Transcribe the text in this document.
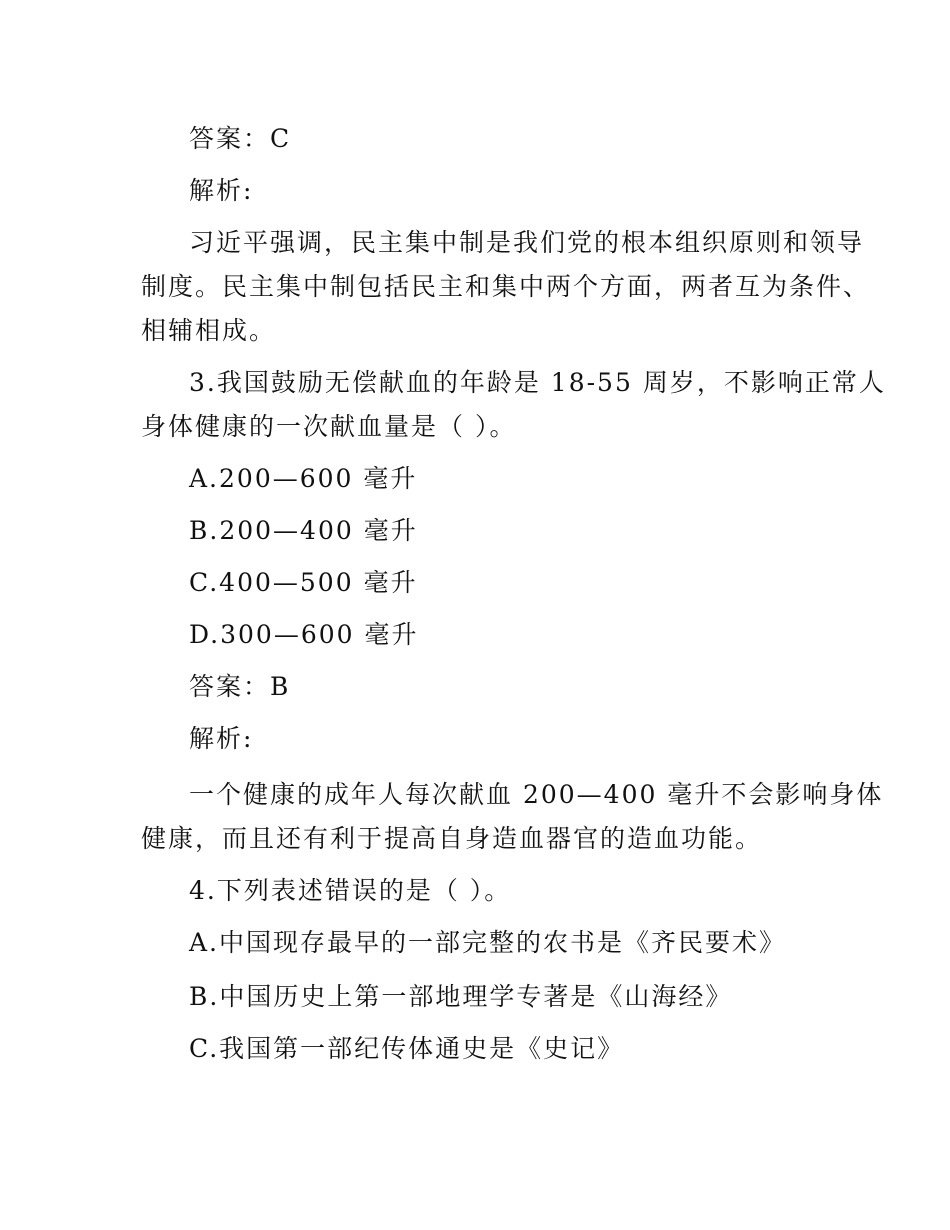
答案：C
解析:
习近平强调，民主集中制是我们党的根本组织原则和领导
制度。民主集中制包括民主和集中两个方面，两者互为条件、
相辅相成。
3.我国鼓励无偿献血的年龄是 18-55 周岁，不影响正常人
身体健康的一次献血量是（ ）。
A.200—600 毫升
B.200—400 毫升
C.400—500 毫升
D.300—600 毫升
答案：B
解析:
一个健康的成年人每次献血 200—400 毫升不会影响身体
健康，而且还有利于提高自身造血器官的造血功能。
4.下列表述错误的是（ ）。
A.中国现存最早的一部完整的农书是《齐民要术》
B.中国历史上第一部地理学专著是《山海经》
C.我国第一部纪传体通史是《史记》
